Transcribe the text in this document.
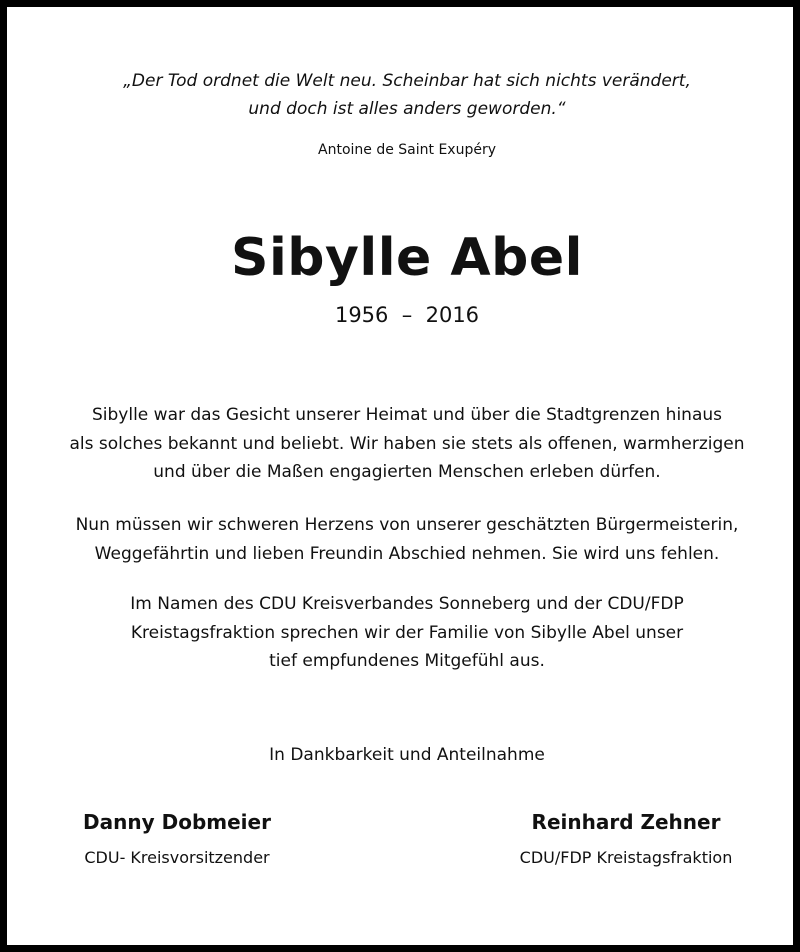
„Der Tod ordnet die Welt neu. Scheinbar hat sich nichts verändert,
und doch ist alles anders geworden.“
Antoine de Saint Exupéry
Sibylle Abel
1956  –  2016
Sibylle war das Gesicht unserer Heimat und über die Stadtgrenzen hinaus
als solches bekannt und beliebt. Wir haben sie stets als offenen, warmherzigen
und über die Maßen engagierten Menschen erleben dürfen.
Nun müssen wir schweren Herzens von unserer geschätzten Bürgermeisterin,
Weggefährtin und lieben Freundin Abschied nehmen. Sie wird uns fehlen.
Im Namen des CDU Kreisverbandes Sonneberg und der CDU/FDP
Kreistagsfraktion sprechen wir der Familie von Sibylle Abel unser
tief empfundenes Mitgefühl aus.
In Dankbarkeit und Anteilnahme
Danny Dobmeier
CDU- Kreisvorsitzender
Reinhard Zehner
CDU/FDP Kreistagsfraktion
